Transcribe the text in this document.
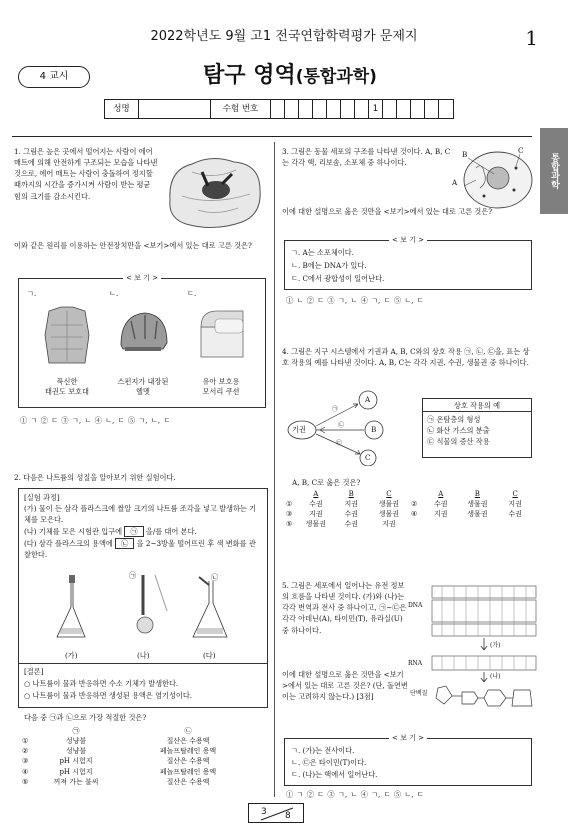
2022학년도 9월 고1 전국연합학력평가 문제지	1
4 교시	탐구 영역(통합과학)
성명	수험 번호	1
통합과학
1. 그림은 높은 곳에서 떨어지는 사람이 에어 매트에 의해 안전하게 구조되는 모습을 나타낸 것으로, 에어 매트는 사람이 충돌하여 정지할 때까지의 시간을 증가시켜 사람이 받는 평균 힘의 크기를 감소시킨다.
이와 같은 원리를 이용하는 안전장치만을 <보기>에서 있는 대로 고른 것은?
< 보 기 >
ㄱ.	ㄴ.	ㄷ.
푹신한
태권도 보호대
스펀지가 내장된
헬멧
유아 보호용
모서리 쿠션
① ㄱ ② ㄷ ③ ㄱ, ㄴ ④ ㄴ, ㄷ ⑤ ㄱ, ㄴ, ㄷ
2. 다음은 나트륨의 성질을 알아보기 위한 실험이다.
[실험 과정]
(가) 물이 든 삼각 플라스크에 쌀알 크기의 나트륨 조각을 넣고 발생하는 기체를 모은다.
(나) 기체를 모은 시험관 입구에 ㉠ 을/를 대어 본다.
(다) 삼각 플라스크의 용액에 ㉡ 을 2~3방울 떨어뜨린 후 색 변화를 관찰한다.
㉠	㉡
(가)	(나)	(다)
[결론]
○ 나트륨이 물과 반응하면 수소 기체가 발생한다.
○ 나트륨이 물과 반응하면 생성된 용액은 염기성이다.
다음 중 ㉠과 ㉡으로 가장 적절한 것은?
	㉠	㉡
①	성냥불	질산은 수용액
②	성냥불	페놀프탈레인 용액
③	pH 시험지	질산은 수용액
④	pH 시험지	페놀프탈레인 용액
⑤	꺼져 가는 불씨	질산은 수용액
3. 그림은 동물 세포의 구조를 나타낸 것이다. A, B, C는 각각 핵, 리보솜, 소포체 중 하나이다.
A
B	C
이에 대한 설명으로 옳은 것만을 <보기>에서 있는 대로 고른 것은?
< 보 기 >
ㄱ. A는 소포체이다.
ㄴ. B에는 DNA가 있다.
ㄷ. C에서 광합성이 일어난다.
① ㄴ ② ㄷ ③ ㄱ, ㄴ ④ ㄱ, ㄷ ⑤ ㄴ, ㄷ
4. 그림은 지구 시스템에서 기권과 A, B, C와의 상호 작용 ㉠, ㉡, ㉢을, 표는 상호 작용의 예를 나타낸 것이다. A, B, C는 각각 지권, 수권, 생물권 중 하나이다.
기권
A
B
C
㉠
㉡
㉢
상호 작용의 예
㉠ 온탐층의 형성
㉡ 화산 가스의 분출
㉢ 식물의 증산 작용
A, B, C로 옳은 것은?
	A	B	C		A	B	C
①	수권	지권	생물권	②	수권	생물권	지권
③	지권	수권	생물권	④	지권	생물권	수권
⑤	생물권	수권	지권				
5. 그림은 세포에서 일어나는 유전 정보의 흐름을 나타낸 것이다. (가)와 (나)는 각각 번역과 전사 중 하나이고, ㉠~㉢은 각각 아데닌(A), 타이민(T), 유라실(U) 중 하나이다.
이에 대한 설명으로 옳은 것만을 <보기>에서 있는 대로 고른 것은? (단, 돌연변이는 고려하지 않는다.) [3점]
DNA
RNA
단백질
(가)
(나)
< 보 기 >
ㄱ. (가)는 전사이다.
ㄴ. ㉢은 타이민(T)이다.
ㄷ. (나)는 핵에서 일어난다.
① ㄱ ② ㄷ ③ ㄱ, ㄴ ④ ㄱ, ㄷ ⑤ ㄴ, ㄷ
3 8
